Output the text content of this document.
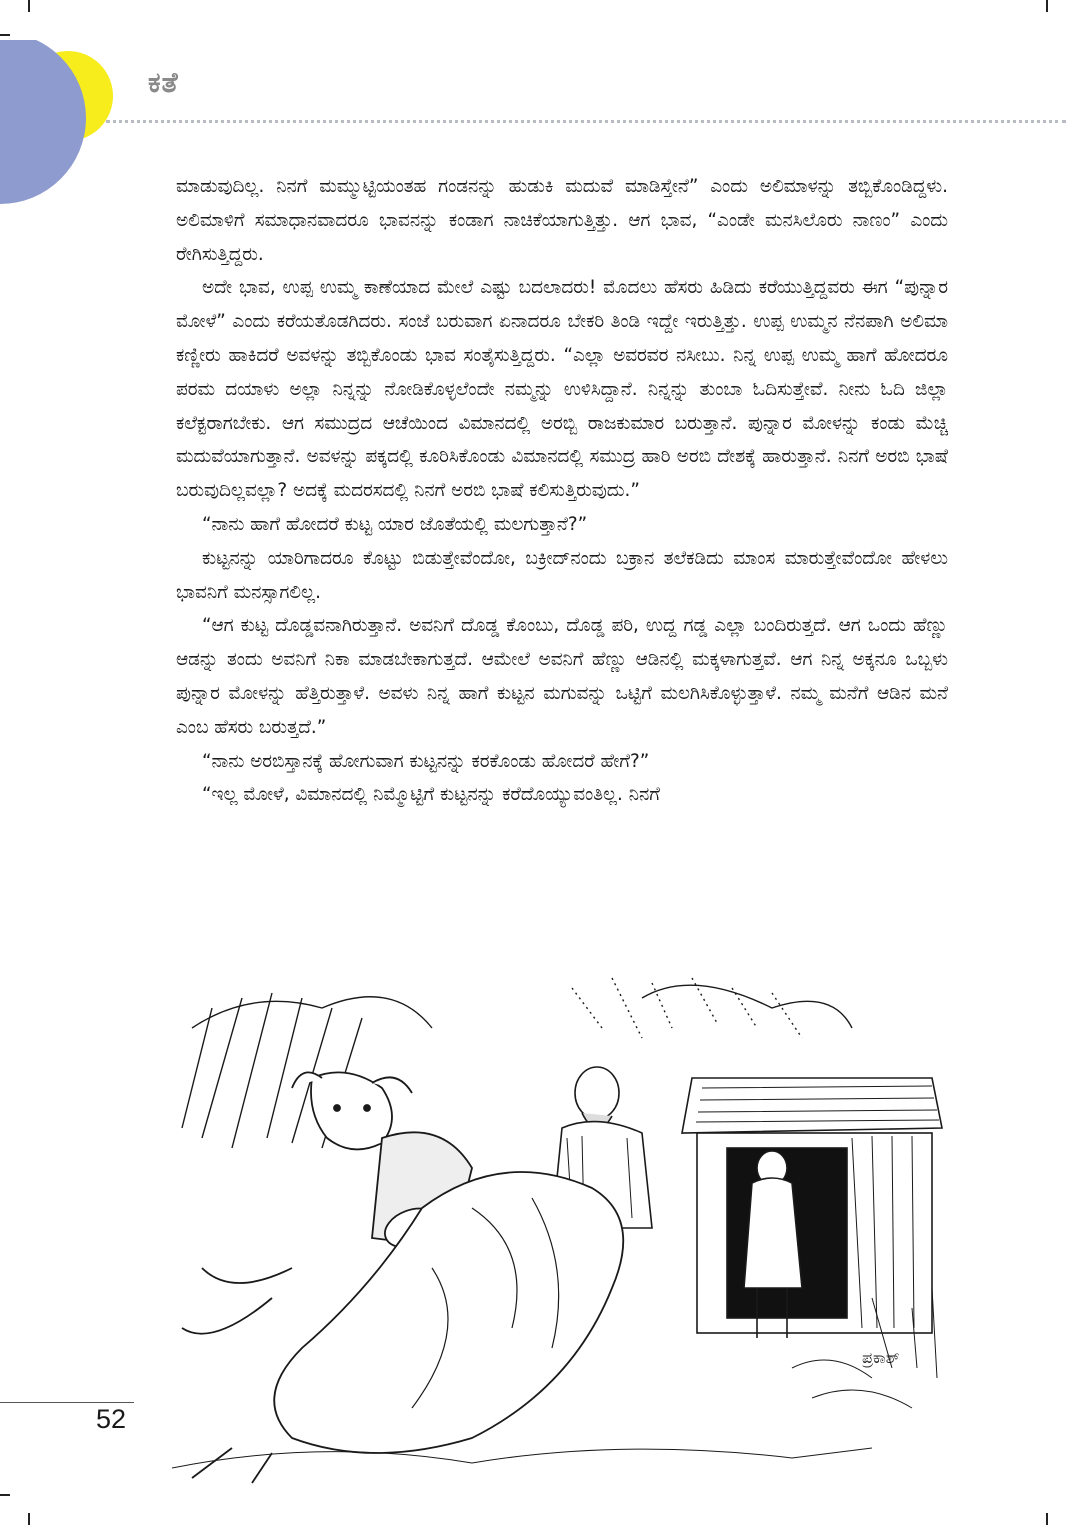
ಕತೆ

ಮಾಡುವುದಿಲ್ಲ. ನಿನಗೆ ಮಮ್ಮುಟ್ಟಿಯಂತಹ ಗಂಡನನ್ನು ಹುಡುಕಿ ಮದುವೆ ಮಾಡಿಸ್ತೇನೆ” ಎಂದು ಅಲಿಮಾಳನ್ನು ತಬ್ಬಿಕೊಂಡಿದ್ದಳು. ಅಲಿಮಾಳಿಗೆ ಸಮಾಧಾನವಾದರೂ ಭಾವನನ್ನು ಕಂಡಾಗ ನಾಚಿಕೆಯಾಗುತ್ತಿತ್ತು. ಆಗ ಭಾವ, “ಎಂಡೇ ಮನಸಿಲೊರು ನಾಣಂ” ಎಂದು ರೇಗಿಸುತ್ತಿದ್ದರು.

ಅದೇ ಭಾವ, ಉಪ್ಪ ಉಮ್ಮ ಕಾಣೆಯಾದ ಮೇಲೆ ಎಷ್ಟು ಬದಲಾದರು! ಮೊದಲು ಹೆಸರು ಹಿಡಿದು ಕರೆಯುತ್ತಿದ್ದವರು ಈಗ “ಪುನ್ನಾರ ಮೋಳೆ” ಎಂದು ಕರೆಯತೊಡಗಿದರು. ಸಂಜೆ ಬರುವಾಗ ಏನಾದರೂ ಬೇಕರಿ ತಿಂಡಿ ಇದ್ದೇ ಇರುತ್ತಿತ್ತು. ಉಪ್ಪ ಉಮ್ಮನ ನೆನಪಾಗಿ ಅಲಿಮಾ ಕಣ್ಣೀರು ಹಾಕಿದರೆ ಅವಳನ್ನು ತಬ್ಬಿಕೊಂಡು ಭಾವ ಸಂತೈಸುತ್ತಿದ್ದರು. “ಎಲ್ಲಾ ಅವರವರ ನಸೀಬು. ನಿನ್ನ ಉಪ್ಪ ಉಮ್ಮ ಹಾಗೆ ಹೋದರೂ ಪರಮ ದಯಾಳು ಅಲ್ಲಾ ನಿನ್ನನ್ನು ನೋಡಿಕೊಳ್ಳಲೆಂದೇ ನಮ್ಮನ್ನು ಉಳಿಸಿದ್ದಾನೆ. ನಿನ್ನನ್ನು ತುಂಬಾ ಓದಿಸುತ್ತೇವೆ. ನೀನು ಓದಿ ಜಿಲ್ಲಾ ಕಲೆಕ್ಟರಾಗಬೇಕು. ಆಗ ಸಮುದ್ರದ ಆಚೆಯಿಂದ ವಿಮಾನದಲ್ಲಿ ಅರಬ್ಬಿ ರಾಜಕುಮಾರ ಬರುತ್ತಾನೆ. ಪುನ್ನಾರ ಮೋಳನ್ನು ಕಂಡು ಮೆಚ್ಚಿ ಮದುವೆಯಾಗುತ್ತಾನೆ. ಅವಳನ್ನು ಪಕ್ಕದಲ್ಲಿ ಕೂರಿಸಿಕೊಂಡು ವಿಮಾನದಲ್ಲಿ ಸಮುದ್ರ ಹಾರಿ ಅರಬಿ ದೇಶಕ್ಕೆ ಹಾರುತ್ತಾನೆ. ನಿನಗೆ ಅರಬಿ ಭಾಷೆ ಬರುವುದಿಲ್ಲವಲ್ಲಾ? ಅದಕ್ಕೆ ಮದರಸದಲ್ಲಿ ನಿನಗೆ ಅರಬಿ ಭಾಷೆ ಕಲಿಸುತ್ತಿರುವುದು.”

“ನಾನು ಹಾಗೆ ಹೋದರೆ ಕುಟ್ಟ ಯಾರ ಜೊತೆಯಲ್ಲಿ ಮಲಗುತ್ತಾನೆ?”

ಕುಟ್ಟನನ್ನು ಯಾರಿಗಾದರೂ ಕೊಟ್ಟು ಬಿಡುತ್ತೇವೆಂದೋ, ಬಕ್ರೀದ್‌ನಂದು ಬಕ್ರಾನ ತಲೆಕಡಿದು ಮಾಂಸ ಮಾರುತ್ತೇವೆಂದೋ ಹೇಳಲು ಭಾವನಿಗೆ ಮನಸ್ಸಾಗಲಿಲ್ಲ.

“ಆಗ ಕುಟ್ಟ ದೊಡ್ಡವನಾಗಿರುತ್ತಾನೆ. ಅವನಿಗೆ ದೊಡ್ಡ ಕೊಂಬು, ದೊಡ್ಡ ಪರಿ, ಉದ್ದ ಗಡ್ಡ ಎಲ್ಲಾ ಬಂದಿರುತ್ತದೆ. ಆಗ ಒಂದು ಹೆಣ್ಣು ಆಡನ್ನು ತಂದು ಅವನಿಗೆ ನಿಕಾ ಮಾಡಬೇಕಾಗುತ್ತದೆ. ಆಮೇಲೆ ಅವನಿಗೆ ಹೆಣ್ಣು ಆಡಿನಲ್ಲಿ ಮಕ್ಕಳಾಗುತ್ತವೆ. ಆಗ ನಿನ್ನ ಅಕ್ಕನೂ ಒಬ್ಬಳು ಪುನ್ನಾರ ಮೋಳನ್ನು ಹೆತ್ತಿರುತ್ತಾಳೆ. ಅವಳು ನಿನ್ನ ಹಾಗೆ ಕುಟ್ಟನ ಮಗುವನ್ನು ಒಟ್ಟಿಗೆ ಮಲಗಿಸಿಕೊಳ್ಳುತ್ತಾಳೆ. ನಮ್ಮ ಮನೆಗೆ ಆಡಿನ ಮನೆ ಎಂಬ ಹೆಸರು ಬರುತ್ತದೆ.”

“ನಾನು ಅರಬಿಸ್ತಾನಕ್ಕೆ ಹೋಗುವಾಗ ಕುಟ್ಟನನ್ನು ಕರಕೊಂಡು ಹೋದರೆ ಹೇಗೆ?”

“ಇಲ್ಲ ಮೋಳೆ, ವಿಮಾನದಲ್ಲಿ ನಿಮ್ಮೊಟ್ಟಿಗೆ ಕುಟ್ಟನನ್ನು ಕರೆದೊಯ್ಯುವಂತಿಲ್ಲ. ನಿನಗೆ

ಪ್ರಕಾಶ್
52
